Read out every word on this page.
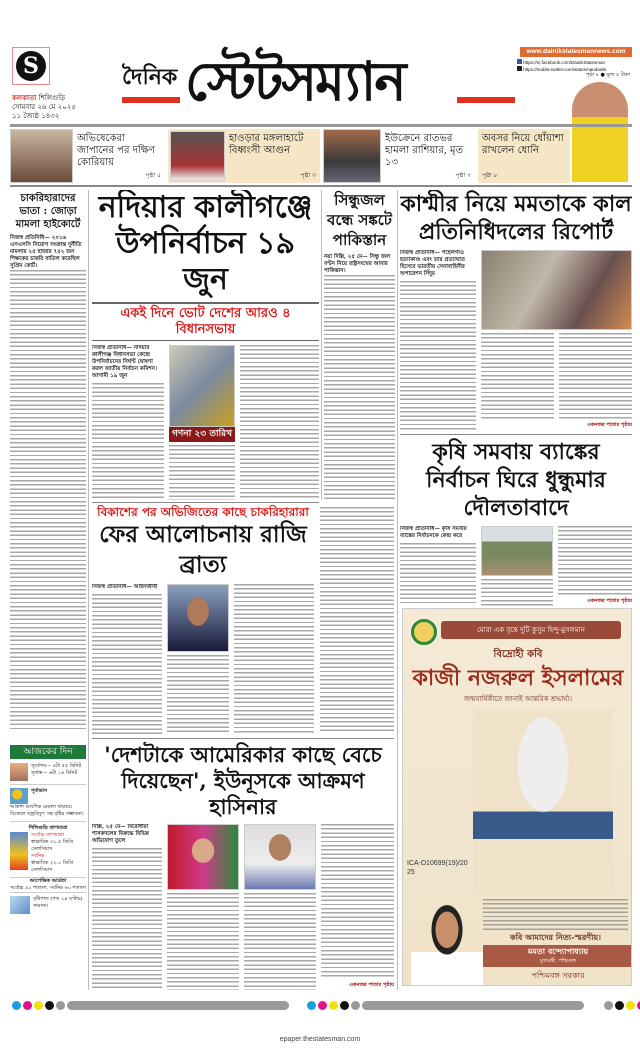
S
কলকাতা শিলিগুড়ি
সোমবার ২৬ মে ২০২৫
১১ জ্যৈষ্ঠ ১৪৩২
দৈনিক স্টেটসম্যান	www.dainikstatesmannews.com
https://m.facebook.com/DainikStatesman
https://mobile.twitter.com/statesmandainik
পৃষ্ঠা ৮ ● মূল্য ৫ টাকা
অভিষেকেরা জাপানের পর দক্ষিণ কোরিয়ায়
পৃষ্ঠা ৫
হাওড়ার মঙ্গলাহাটে বিধ্বংসী আগুন
পৃষ্ঠা ৩
ইউক্রেনে রাতভর হামলা রাশিয়ার, মৃত ১৩
পৃষ্ঠা ৭
অবসর নিয়ে ধোঁয়াশা রাখলেন ধোনি
পৃষ্ঠা ৮
চাকরিহারাদের ভাতা : জোড়া মামলা হাইকোর্টে
নিজস্ব প্রতিনিধি— ২০১৬ এসএসসি নিয়োগ সংক্রান্ত দুর্নীতি মামলায় ২৫ হাজার ৭৫২ জন শিক্ষকের চাকরি বাতিল করেছিল সুপ্রিম কোর্ট।
নদিয়ার কালীগঞ্জে উপনির্বাচন ১৯ জুন
একই দিনে ভোট দেশের আরও ৪ বিধানসভায়
নিজস্ব প্রতিনিধি— নদিয়ার কালীগঞ্জ বিধানসভা কেন্দ্রে উপনির্বাচনের নির্ঘণ্ট ঘোষণা করল জাতীয় নির্বাচন কমিশন। আগামী ১৯ জুন
গণনা ২৩ তারিখ
সিন্ধুজল বন্ধে সঙ্কটে পাকিস্তান
নয়া দিল্লি, ২৫ মে— সিন্ধু জল বণ্টন নিয়ে রাষ্ট্রসংঘের আবার পাকিস্তান।
কাশ্মীর নিয়ে মমতাকে কাল প্রতিনিধিদলের রিপোর্ট
নিজস্ব প্রতিনিধি— পহেলগাঁও হত্যাকাণ্ড এবং তার প্রত্যাঘাত হিসেবে ভারতীয় সেনাবাহিনীর অপারেশন সিঁদুর
একনজর পাতার পৃষ্ঠায়
কৃষি সমবায় ব্যাঙ্কের নির্বাচন ঘিরে ধুন্ধুমার দৌলতাবাদে
নিজস্ব প্রতিনিধি— কৃষি সমবায় ব্যাঙ্কের নির্বাচনকে কেন্দ্র করে
একনজর পাতার পৃষ্ঠায়
মোরা এক বৃন্তে দুটি কুসুম হিন্দু-মুসলমান
বিদ্রোহী কবি
কাজী নজরুল ইসলামের
জন্মবার্ষিকীতে জানাই আন্তরিক শ্রদ্ধার্ঘ্য।
ICA-D10699(19)/2025
কবি আমাদের নিত্য-স্মরণীয়।
মমতা বন্দ্যোপাধ্যায়
মুখ্যমন্ত্রী, পশ্চিমবঙ্গ
পশ্চিমবঙ্গ সরকার
বিকাশের পর অভিজিতের কাছে চাকরিহারারা
ফের আলোচনায় রাজি ব্রাত্য
নিজস্ব প্রতিনিধি— আইনজীবী
'দেশটাকে আমেরিকার কাছে বেচে দিয়েছেন', ইউনূসকে আক্রমণ হাসিনার
দিল্লি, ২৫ মে— বিরোধীরা শাসকদলের বিরুদ্ধে বিভিন্ন অভিযোগ তুলে
একনজর পাতার পৃষ্ঠায়
আজকের দিন
সূর্যোদয়— ৪টা ৫৫ মিনিট
সূর্যাস্ত— ৬টা ১৪ মিনিট
পূর্বাভাস
আকাশ আংশিক মেঘলা থাকবে। বিকেলে বজ্রবিদ্যুৎ সহ বৃষ্টির সম্ভাবনা।
শিলিগুড়ি তাপমাত্রা
সর্বোচ্চ তাপমাত্রা
স্বাভাবিক ৩১.৫ ডিগ্রি সেলসিয়াস
সর্বনিম্ন
স্বাভাবিক ২২.১ ডিগ্রি সেলসিয়াস
আপেক্ষিক আর্দ্রতা
সর্বোচ্চ ৯২ শতাংশ, সর্বনিম্ন ৬০ শতাংশ
বৃষ্টিপাত (গত ২৪ ঘণ্টায়)
সামান্য।

epaper.thestatesman.com
